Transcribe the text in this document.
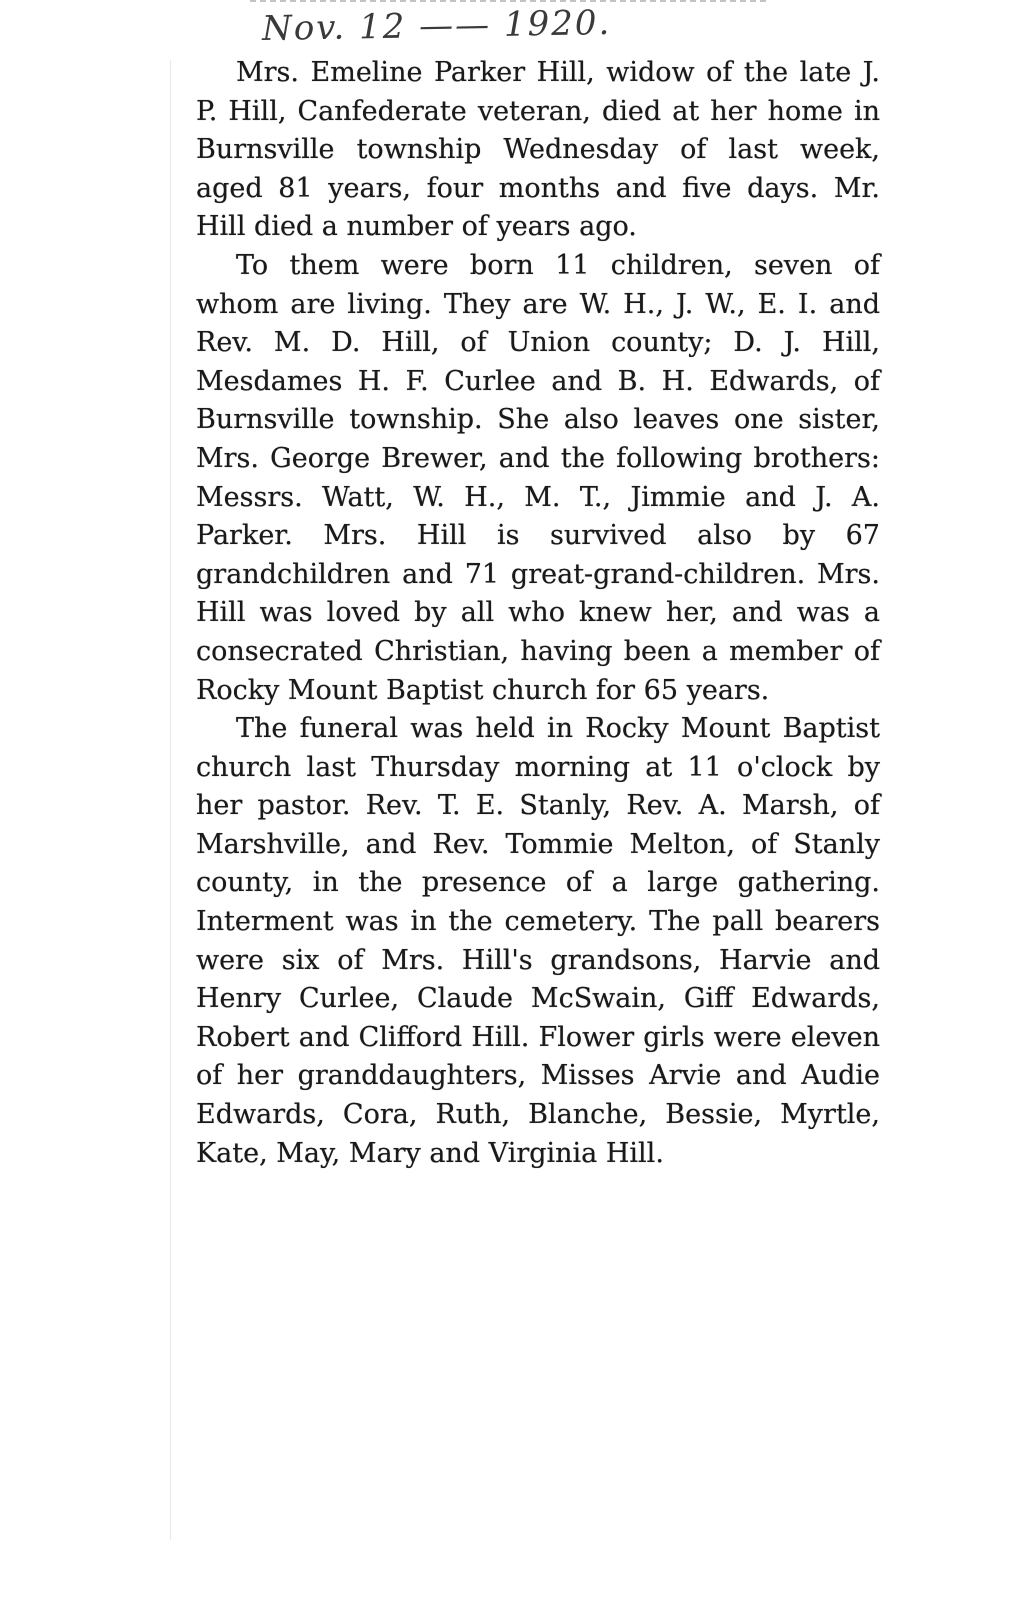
Nov. 12 —— 1920.

Mrs. Emeline Parker Hill, widow of the late J. P. Hill, Canfederate veteran, died at her home in Burnsville township Wednesday of last week, aged 81 years, four months and five days. Mr. Hill died a number of years ago.

To them were born 11 children, seven of whom are living. They are W. H., J. W., E. I. and Rev. M. D. Hill, of Union county; D. J. Hill, Mesdames H. F. Curlee and B. H. Edwards, of Burnsville township. She also leaves one sister, Mrs. George Brewer, and the following brothers: Messrs. Watt, W. H., M. T., Jimmie and J. A. Parker. Mrs. Hill is survived also by 67 grandchildren and 71 great-grand-children. Mrs. Hill was loved by all who knew her, and was a consecrated Christian, having been a member of Rocky Mount Baptist church for 65 years.

The funeral was held in Rocky Mount Baptist church last Thursday morning at 11 o'clock by her pastor. Rev. T. E. Stanly, Rev. A. Marsh, of Marshville, and Rev. Tommie Melton, of Stanly county, in the presence of a large gathering. Interment was in the cemetery. The pall bearers were six of Mrs. Hill's grandsons, Harvie and Henry Curlee, Claude McSwain, Giff Edwards, Robert and Clifford Hill. Flower girls were eleven of her granddaughters, Misses Arvie and Audie Edwards, Cora, Ruth, Blanche, Bessie, Myrtle, Kate, May, Mary and Virginia Hill.
